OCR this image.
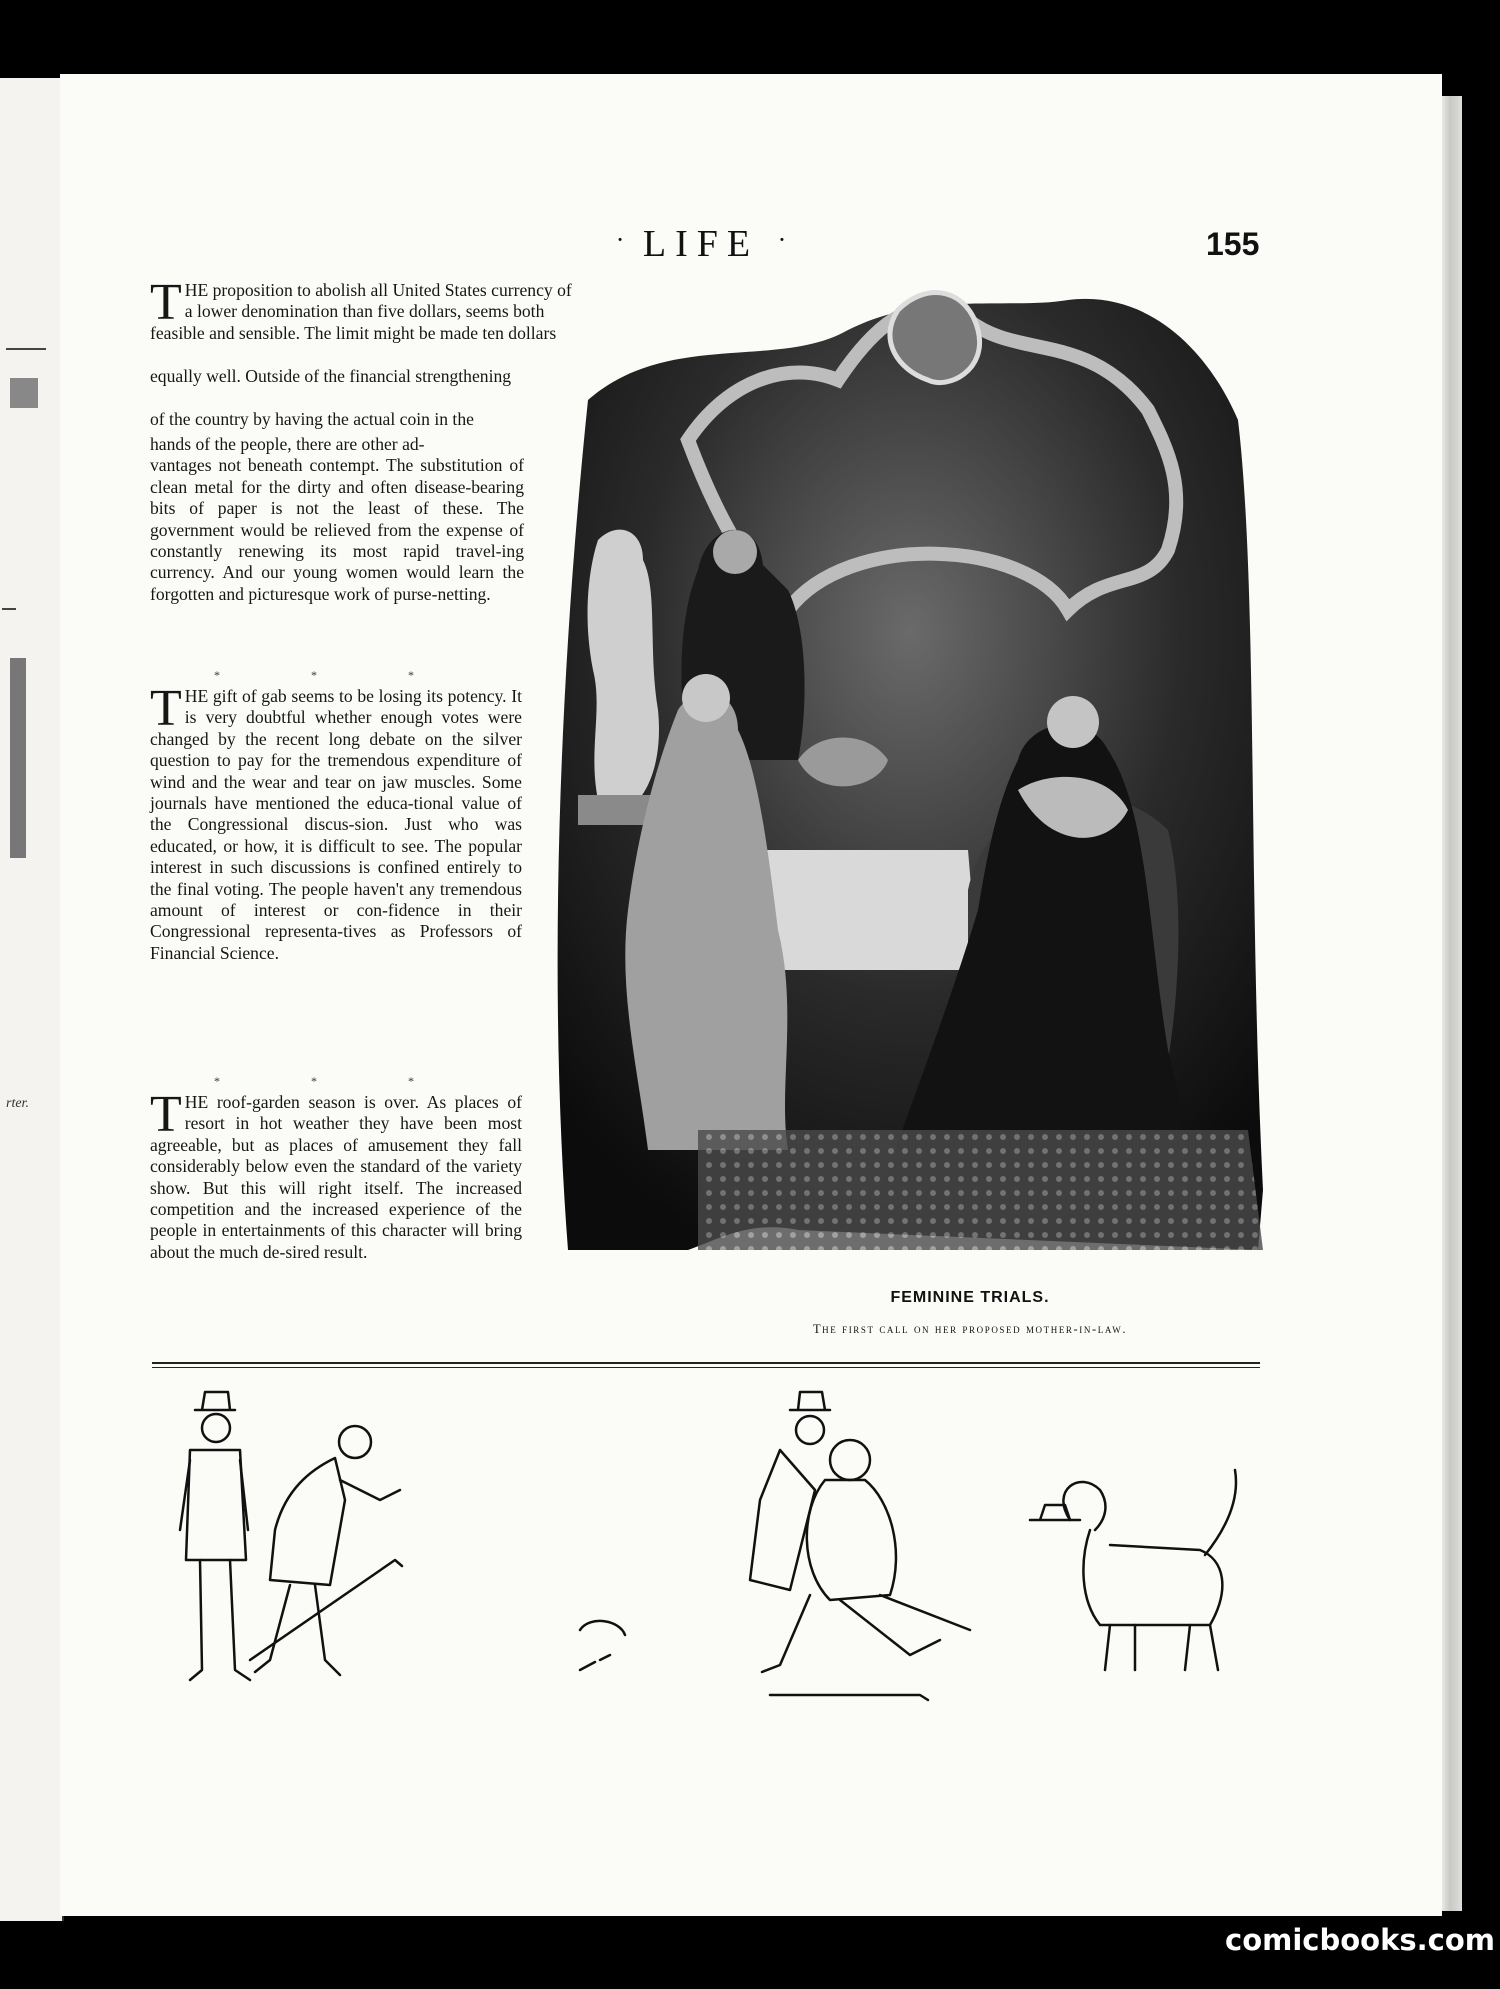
rter.
· LIFE ·	155
T HE proposition to abolish all United States currency of
a lower denomination than five dollars, seems both
feasible and sensible. The limit might be made ten dollars
equally well. Outside of the financial strengthening
of the country by having the actual coin in the
hands of the people, there are other ad-
vantages not beneath contempt. The substitution of clean metal for the dirty and often disease-bearing bits of paper is not the least of these. The government would be relieved from the expense of constantly renewing its most rapid travel-ing currency. And our young women would learn the forgotten and picturesque work of purse-netting.
* * *
T HE gift of gab seems to be losing its potency. It is very doubtful whether enough votes were changed by the recent long debate on the silver question to pay for the tremendous expenditure of wind and the wear and tear on jaw muscles. Some journals have mentioned the educa-tional value of the Congressional discus-sion. Just who was educated, or how, it is difficult to see. The popular interest in such discussions is confined entirely to the final voting. The people haven't any tremendous amount of interest or con-fidence in their Congressional representa-tives as Professors of Financial Science.
* * *
T HE roof-garden season is over. As places of resort in hot weather they have been most agreeable, but as places of amusement they fall considerably below even the standard of the variety show. But this will right itself. The increased competition and the increased experience of the people in entertainments of this character will bring about the much de-sired result.
FEMININE TRIALS.
The first call on her proposed mother-in-law.
comicbooks.com
